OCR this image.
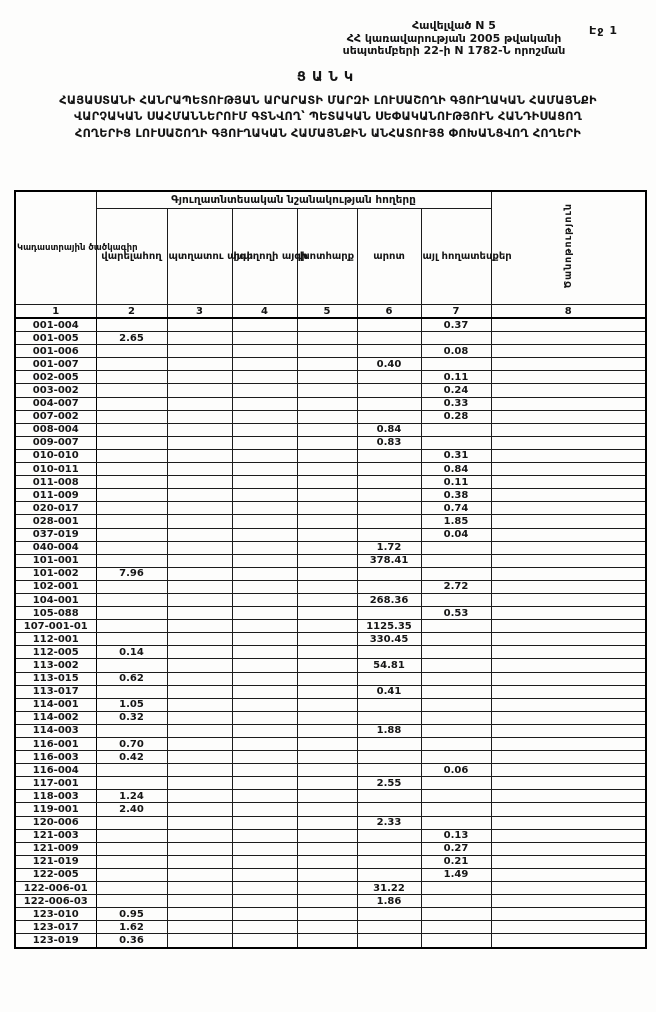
Էջ 1
Հավելված N 5
ՀՀ կառավարության 2005 թվականի
սեպտեմբերի 22-ի N 1782-Ն որոշման
ՑԱՆԿ
ՀԱՅԱՍՏԱՆԻ ՀԱՆՐԱՊԵՏՈՒԹՅԱՆ ԱՐԱՐԱՏԻ ՄԱՐԶԻ ԼՈՒՍԱՇՈՂԻ ԳՅՈՒՂԱԿԱՆ ՀԱՄԱՅՆՔԻ
ՎԱՐՉԱԿԱՆ ՍԱՀՄԱՆՆԵՐՈՒՄ ԳՏՆՎՈՂ՝ ՊԵՏԱԿԱՆ ՍԵՓԱԿԱՆՈՒԹՅՈՒՆ ՀԱՆԴԻՍԱՑՈՂ
ՀՈՂԵՐԻՑ ԼՈՒՍԱՇՈՂԻ ԳՅՈՒՂԱԿԱՆ ՀԱՄԱՅՆՔԻՆ ԱՆՀԱՏՈՒՅՑ ՓՈԽԱՆՑՎՈՂ ՀՈՂԵՐԻ
Կադաստրային ծածկագիր	Գյուղատնտեսական նշանակության հողերը						Ծանոթություն
	վարելահող	պտղատու այգի	խաղողի այգի	խոտհարք	արոտ	այլ հողատեսքեր	
1	2	3	4	5	6	7	8
001-004						0.37	
001-005	2.65						
001-006						0.08	
001-007					0.40		
002-005						0.11	
003-002						0.24	
004-007						0.33	
007-002						0.28	
008-004					0.84		
009-007					0.83		
010-010						0.31	
010-011						0.84	
011-008						0.11	
011-009						0.38	
020-017						0.74	
028-001						1.85	
037-019						0.04	
040-004					1.72		
101-001					378.41		
101-002	7.96						
102-001						2.72	
104-001					268.36		
105-088						0.53	
107-001-01					1125.35		
112-001					330.45		
112-005	0.14						
113-002					54.81		
113-015	0.62						
113-017					0.41		
114-001	1.05						
114-002	0.32						
114-003					1.88		
116-001	0.70						
116-003	0.42						
116-004						0.06	
117-001					2.55		
118-003	1.24						
119-001	2.40						
120-006					2.33		
121-003						0.13	
121-009						0.27	
121-019						0.21	
122-005						1.49	
122-006-01					31.22		
122-006-03					1.86		
123-010	0.95						
123-017	1.62						
123-019	0.36						
